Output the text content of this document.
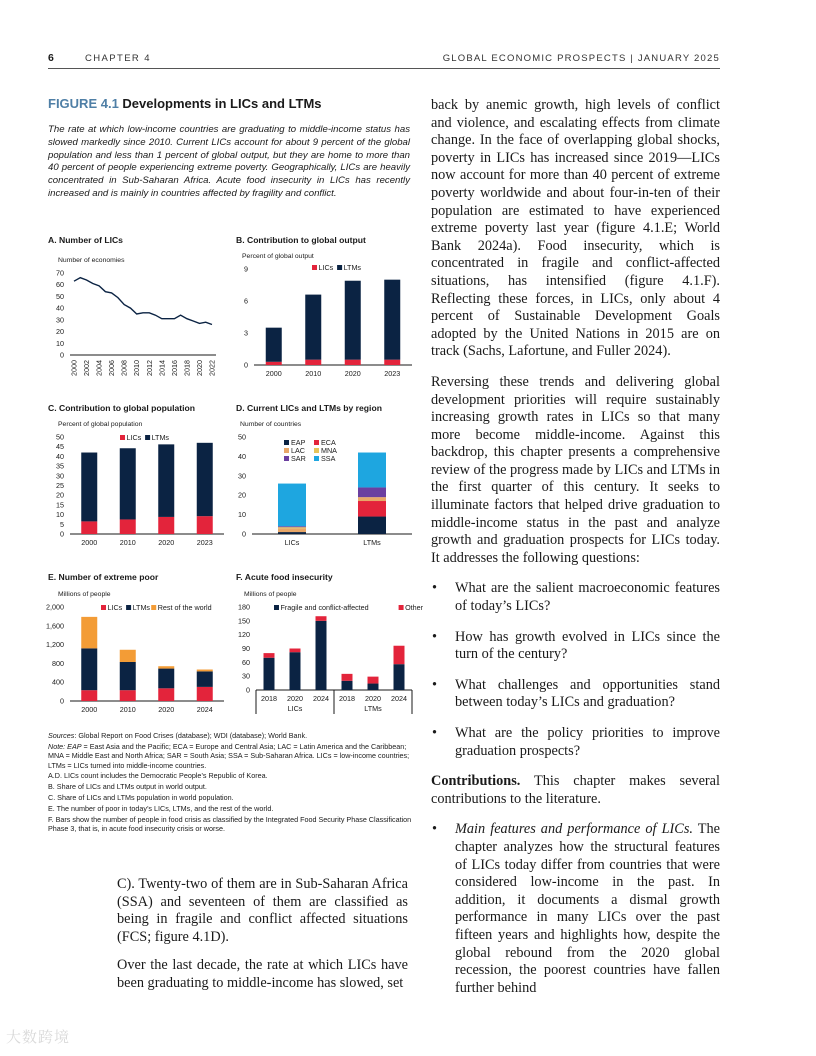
6	CHAPTER 4	GLOBAL ECONOMIC PROSPECTS | JANUARY 2025
FIGURE 4.1 Developments in LICs and LTMs
The rate at which low-income countries are graduating to middle-income status has slowed markedly since 2010. Current LICs account for about 9 percent of the global population and less than 1 percent of global output, but they are home to more than 40 percent of people experiencing extreme poverty. Geographically, LICs are heavily concentrated in Sub-Saharan Africa. Acute food insecurity in LICs has recently increased and is mainly in countries affected by fragility and conflict.
A. Number of LICs
Number of economies
0
10
20
30
40
50
60
70
2000 2002 2004 2006 2008 2010 2012 2014 2016 2018 2020 2022
B. Contribution to global output
Percent of global output
0
3
6
9
2000	2010	2020	2023
LICs LTMs
C. Contribution to global population
Percent of global population
0
5
10
15
20
25
30
35
40
45
50
2000	2010	2020	2023
LICs LTMs
D. Current LICs and LTMs by region
Number of countries
0
10
20
30
40
50
LICs	LTMs
EAP ECA
LAC MNA
SAR SSA
E. Number of extreme poor
Millions of people
0
400
800
1,200
1,600
2,000
2000	2010	2020	2024
LICs LTMs Rest of the world
F. Acute food insecurity
Millions of people
0
30
60
90
120
150
180
2018 2020 2024 2018 2020 2024
LICs	LTMs
Fragile and conflict-affected	Other

Sources: Global Report on Food Crises (database); WDI (database); World Bank.

Note: EAP = East Asia and the Pacific; ECA = Europe and Central Asia; LAC = Latin America and the Caribbean; MNA = Middle East and North Africa; SAR = South Asia; SSA = Sub-Saharan Africa. LICs = low-income countries; LTMs = LICs turned into middle-income countries.

A.D. LICs count includes the Democratic People’s Republic of Korea.

B. Share of LICs and LTMs output in world output.

C. Share of LICs and LTMs population in world population.

E. The number of poor in today’s LICs, LTMs, and the rest of the world.

F. Bars show the number of people in food crisis as classified by the Integrated Food Security Phase Classification Phase 3, that is, in acute food insecurity crisis or worse.

C). Twenty-two of them are in Sub-Saharan Africa (SSA) and seventeen of them are classified as being in fragile and conflict affected situations (FCS; figure 4.1D).

Over the last decade, the rate at which LICs have been graduating to middle-income has slowed, set

back by anemic growth, high levels of conflict and violence, and escalating effects from climate change. In the face of overlapping global shocks, poverty in LICs has increased since 2019—LICs now account for more than 40 percent of extreme poverty worldwide and about four-in-ten of their population are estimated to have experienced extreme poverty last year (figure 4.1.E; World Bank 2024a). Food insecurity, which is concentrated in fragile and conflict-affected situations, has intensified (figure 4.1.F). Reflecting these forces, in LICs, only about 4 percent of Sustainable Development Goals adopted by the United Nations in 2015 are on track (Sachs, Lafortune, and Fuller 2024).

Reversing these trends and delivering global development priorities will require sustainably increasing growth rates in LICs so that many more become middle-income. Against this backdrop, this chapter presents a comprehensive review of the progress made by LICs and LTMs in the first quarter of this century. It seeks to illuminate factors that helped drive graduation to middle-income status in the past and analyze growth and graduation prospects for LICs today. It addresses the following questions:

• What are the salient macroeconomic features of today’s LICs?
• How has growth evolved in LICs since the turn of the century?
• What challenges and opportunities stand between today’s LICs and graduation?
• What are the policy priorities to improve graduation prospects?

Contributions. This chapter makes several contributions to the literature.

• Main features and performance of LICs. The chapter analyzes how the structural features of LICs today differ from countries that were considered low-income in the past. In addition, it documents a dismal growth performance in many LICs over the past fifteen years and highlights how, despite the global rebound from the 2020 global recession, the poorest countries have fallen further behind
大数跨境
